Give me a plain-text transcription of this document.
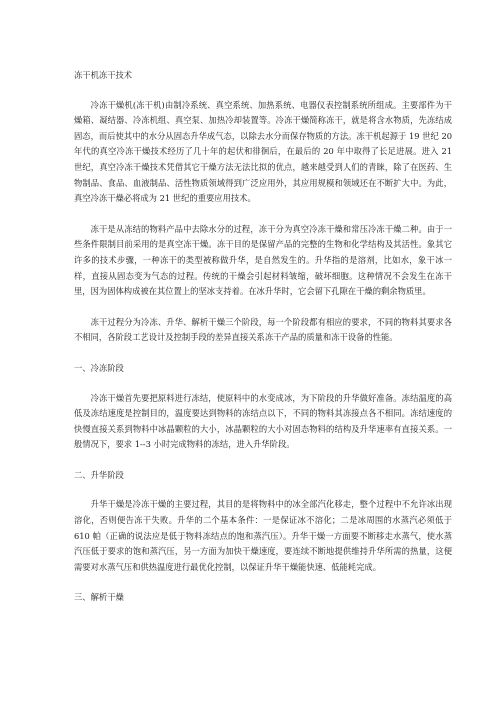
冻干机冻干技术

冷冻干燥机(冻干机)由制冷系统、真空系统、加热系统、电器仪表控制系统所组成。主要部件为干燥箱、凝结器、冷冻机组、真空泵、加热冷却装置等。冷冻干燥简称冻干，就是将含水物质，先冻结成固态，而后使其中的水分从固态升华成气态，以除去水分而保存物质的方法。冻干机起源于 19 世纪 20 年代的真空冷冻干燥技术经历了几十年的起伏和徘徊后，在最后的 20 年中取得了长足进展。进入 21 世纪，真空冷冻干燥技术凭借其它干燥方法无法比拟的优点，越来越受到人们的青睐，除了在医药、生物制品、食品、血液制品、活性物质领域得到广泛应用外，其应用规模和领域还在不断扩大中。为此，真空冷冻干燥必将成为 21 世纪的重要应用技术。

冻干是从冻结的物料产品中去除水分的过程，冻干分为真空冷冻干燥和常压冷冻干燥二种。由于一些条件限制目前采用的是真空冻干燥。冻干目的是保留产品的完整的生物和化学结构及其活性。象其它许多的技术步骤，一种冻干的类型被称做升华，是自然发生的。升华指的是溶剂，比如水，象干冰一样，直接从固态变为气态的过程。传统的干燥会引起材料皱缩，破坏细胞。这种情况不会发生在冻干里，因为固体构成被在其位置上的坚冰支持着。在冰升华时，它会留下孔隙在干燥的剩余物质里。

冻干过程分为冷冻、升华、解析干燥三个阶段，每一个阶段都有相应的要求，不同的物料其要求各不相同，各阶段工艺设计及控制手段的差异直接关系冻干产品的质量和冻干设备的性能。

一、冷冻阶段

冷冻干燥首先要把原料进行冻结，使原料中的水变成冰，为下阶段的升华做好准备。冻结温度的高低及冻结速度是控制目的，温度要达到物料的冻结点以下，不同的物料其冻接点各不相同。冻结速度的快慢直接关系到物料中冰晶颗粒的大小，冰晶颗粒的大小对固态物料的结构及升华速率有直接关系。一般情况下，要求 1--3 小时完成物料的冻结，进入升华阶段。

二、升华阶段

升华干燥是冷冻干燥的主要过程，其目的是将物料中的冰全部汽化移走，整个过程中不允许冰出现溶化，否则便告冻干失败。升华的二个基本条件：一是保证冰不溶化；二是冰周围的水蒸汽必须低于 610 帕（正确的说法应是低于物料冻结点的饱和蒸汽压）。升华干燥一方面要不断移走水蒸气，使水蒸汽压低于要求的饱和蒸汽压，另一方面为加快干燥速度，要连续不断地提供维持升华所需的热量，这便需要对水蒸气压和供热温度进行最优化控制，以保证升华干燥能快速、低能耗完成。

三、解析干燥
